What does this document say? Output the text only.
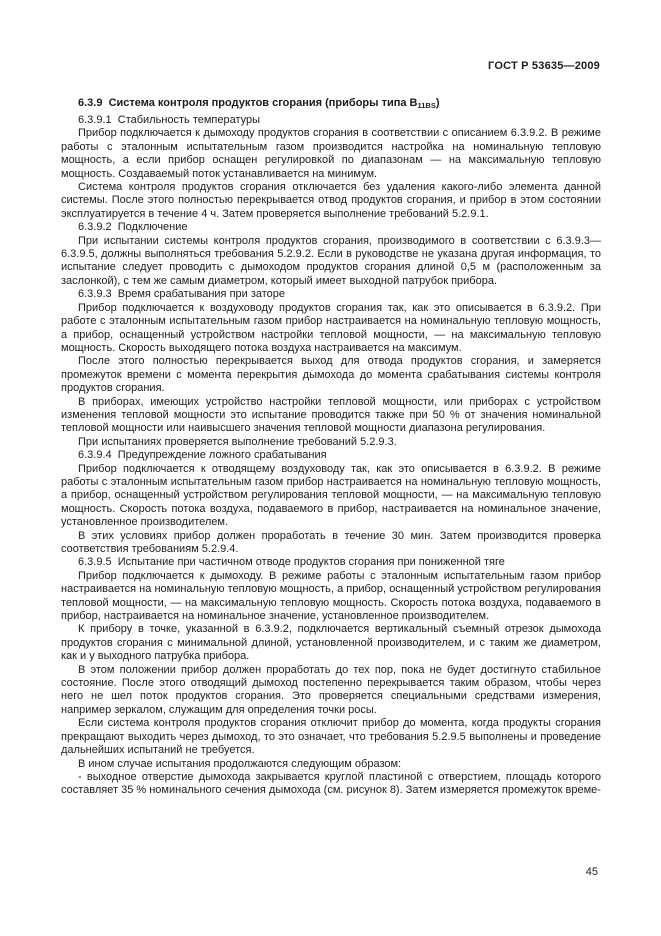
ГОСТ Р 53635—2009

6.3.9  Система контроля продуктов сгорания (приборы типа $B_{11BS}$)

6.3.9.1  Стабильность температуры

Прибор подключается к дымоходу продуктов сгорания в соответствии с описанием 6.3.9.2. В режиме работы с эталонным испытательным газом производится настройка на номинальную тепловую мощность, а если прибор оснащен регулировкой по диапазонам — на максимальную тепловую мощность. Создаваемый поток устанавливается на минимум.

Система контроля продуктов сгорания отключается без удаления какого-либо элемента данной системы. После этого полностью перекрывается отвод продуктов сгорания, и прибор в этом состоянии эксплуатируется в течение 4 ч. Затем проверяется выполнение требований 5.2.9.1.

6.3.9.2  Подключение

При испытании системы контроля продуктов сгорания, производимого в соответствии с 6.3.9.3—6.3.9.5, должны выполняться требования 5.2.9.2. Если в руководстве не указана другая информация, то испытание следует проводить с дымоходом продуктов сгорания длиной 0,5 м (расположенным за заслонкой), с тем же самым диаметром, который имеет выходной патрубок прибора.

6.3.9.3  Время срабатывания при заторе

Прибор подключается к воздуховоду продуктов сгорания так, как это описывается в 6.3.9.2. При работе с эталонным испытательным газом прибор настраивается на номинальную тепловую мощность, а прибор, оснащенный устройством настройки тепловой мощности, — на максимальную тепловую мощность. Скорость выходящего потока воздуха настраивается на максимум.

После этого полностью перекрывается выход для отвода продуктов сгорания, и замеряется промежуток времени с момента перекрытия дымохода до момента срабатывания системы контроля продуктов сгорания.

В приборах, имеющих устройство настройки тепловой мощности, или приборах с устройством изменения тепловой мощности это испытание проводится также при 50 % от значения номинальной тепловой мощности или наивысшего значения тепловой мощности диапазона регулирования.

При испытаниях проверяется выполнение требований 5.2.9.3.

6.3.9.4  Предупреждение ложного срабатывания

Прибор подключается к отводящему воздуховоду так, как это описывается в 6.3.9.2. В режиме работы с эталонным испытательным газом прибор настраивается на номинальную тепловую мощность, а прибор, оснащенный устройством регулирования тепловой мощности, — на максимальную тепловую мощность. Скорость потока воздуха, подаваемого в прибор, настраивается на номинальное значение, установленное производителем.

В этих условиях прибор должен проработать в течение 30 мин. Затем производится проверка соответствия требованиям 5.2.9.4.

6.3.9.5  Испытание при частичном отводе продуктов сгорания при пониженной тяге

Прибор подключается к дымоходу. В режиме работы с эталонным испытательным газом прибор настраивается на номинальную тепловую мощность, а прибор, оснащенный устройством регулирования тепловой мощности, — на максимальную тепловую мощность. Скорость потока воздуха, подаваемого в прибор, настраивается на номинальное значение, установленное производителем.

К прибору в точке, указанной в 6.3.9.2, подключается вертикальный съемный отрезок дымохода продуктов сгорания с минимальной длиной, установленной производителем, и с таким же диаметром, как и у выходного патрубка прибора.

В этом положении прибор должен проработать до тех пор, пока не будет достигнуто стабильное состояние. После этого отводящий дымоход постепенно перекрывается таким образом, чтобы через него не шел поток продуктов сгорания. Это проверяется специальными средствами измерения, например зеркалом, служащим для определения точки росы.

Если система контроля продуктов сгорания отключит прибор до момента, когда продукты сгорания прекращают выходить через дымоход, то это означает, что требования 5.2.9.5 выполнены и проведение дальнейших испытаний не требуется.

В ином случае испытания продолжаются следующим образом:

- выходное отверстие дымохода закрывается круглой пластиной с отверстием, площадь которого составляет 35 % номинального сечения дымохода (см. рисунок 8). Затем измеряется промежуток време-

45
